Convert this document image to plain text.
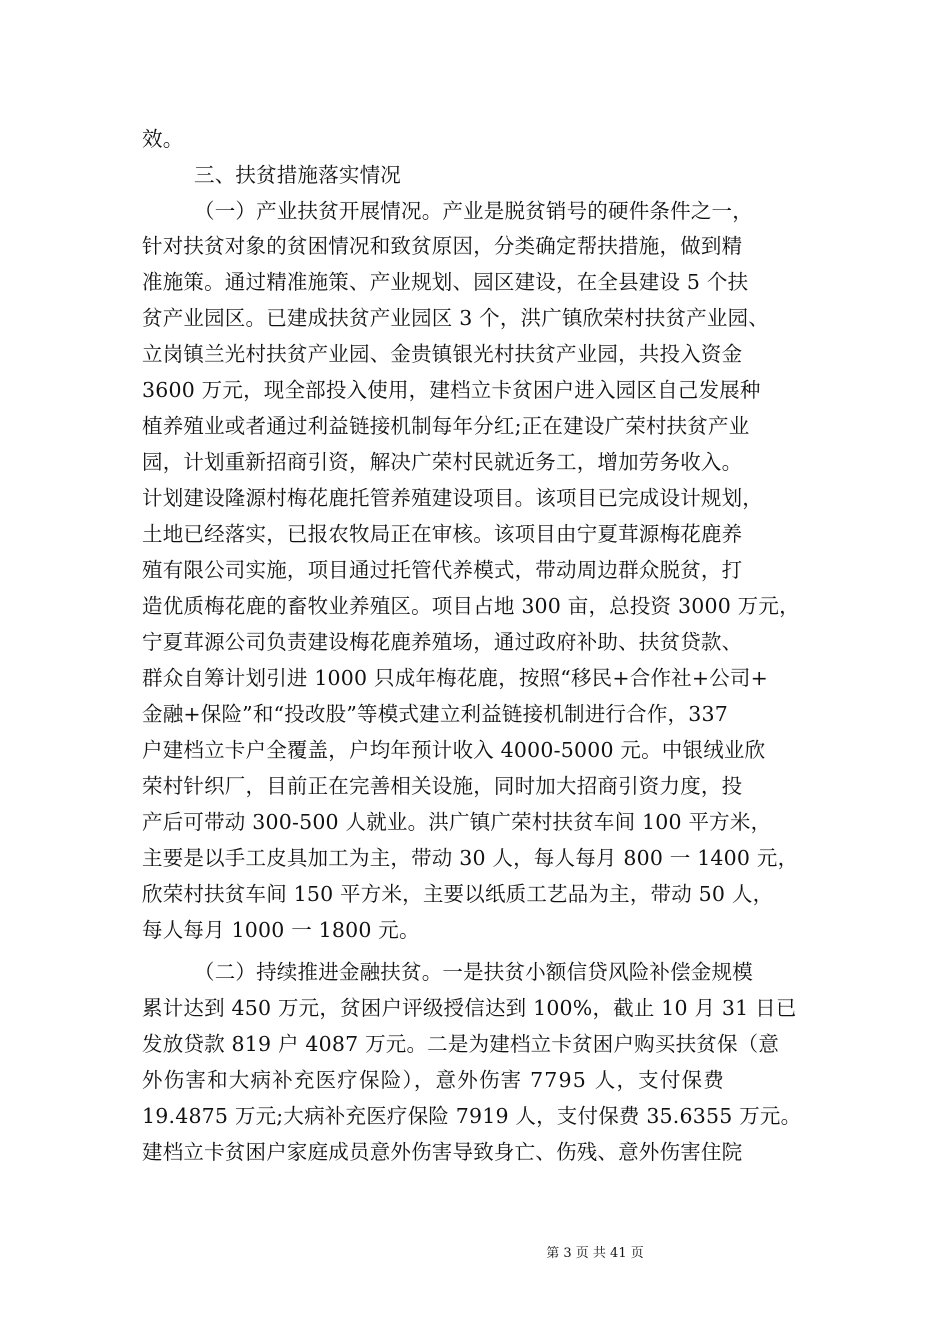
效。
三、扶贫措施落实情况
（一）产业扶贫开展情况。产业是脱贫销号的硬件条件之一，
针对扶贫对象的贫困情况和致贫原因，分类确定帮扶措施，做到精
准施策。通过精准施策、产业规划、园区建设，在全县建设 5 个扶
贫产业园区。已建成扶贫产业园区 3 个，洪广镇欣荣村扶贫产业园、
立岗镇兰光村扶贫产业园、金贵镇银光村扶贫产业园，共投入资金
3600 万元，现全部投入使用，建档立卡贫困户进入园区自己发展种
植养殖业或者通过利益链接机制每年分红;正在建设广荣村扶贫产业
园，计划重新招商引资，解决广荣村民就近务工，增加劳务收入。
计划建设隆源村梅花鹿托管养殖建设项目。该项目已完成设计规划，
土地已经落实，已报农牧局正在审核。该项目由宁夏茸源梅花鹿养
殖有限公司实施，项目通过托管代养模式，带动周边群众脱贫，打
造优质梅花鹿的畜牧业养殖区。项目占地 300 亩，总投资 3000 万元，
宁夏茸源公司负责建设梅花鹿养殖场，通过政府补助、扶贫贷款、
群众自筹计划引进 1000 只成年梅花鹿，按照“移民+合作社+公司+
金融+保险”和“投改股”等模式建立利益链接机制进行合作，337
户建档立卡户全覆盖，户均年预计收入 4000-5000 元。中银绒业欣
荣村针织厂，目前正在完善相关设施，同时加大招商引资力度，投
产后可带动 300-500 人就业。洪广镇广荣村扶贫车间 100 平方米，
主要是以手工皮具加工为主，带动 30 人，每人每月 800 一 1400 元，
欣荣村扶贫车间 150 平方米，主要以纸质工艺品为主，带动 50 人，
每人每月 1000 一 1800 元。
（二）持续推进金融扶贫。一是扶贫小额信贷风险补偿金规模
累计达到 450 万元，贫困户评级授信达到 100%，截止 10 月 31 日已
发放贷款 819 户 4087 万元。二是为建档立卡贫困户购买扶贫保（意
外伤害和大病补充医疗保险），意外伤害 7795 人，支付保费
19.4875 万元;大病补充医疗保险 7919 人，支付保费 35.6355 万元。
建档立卡贫困户家庭成员意外伤害导致身亡、伤残、意外伤害住院
第 3 页 共 41 页
